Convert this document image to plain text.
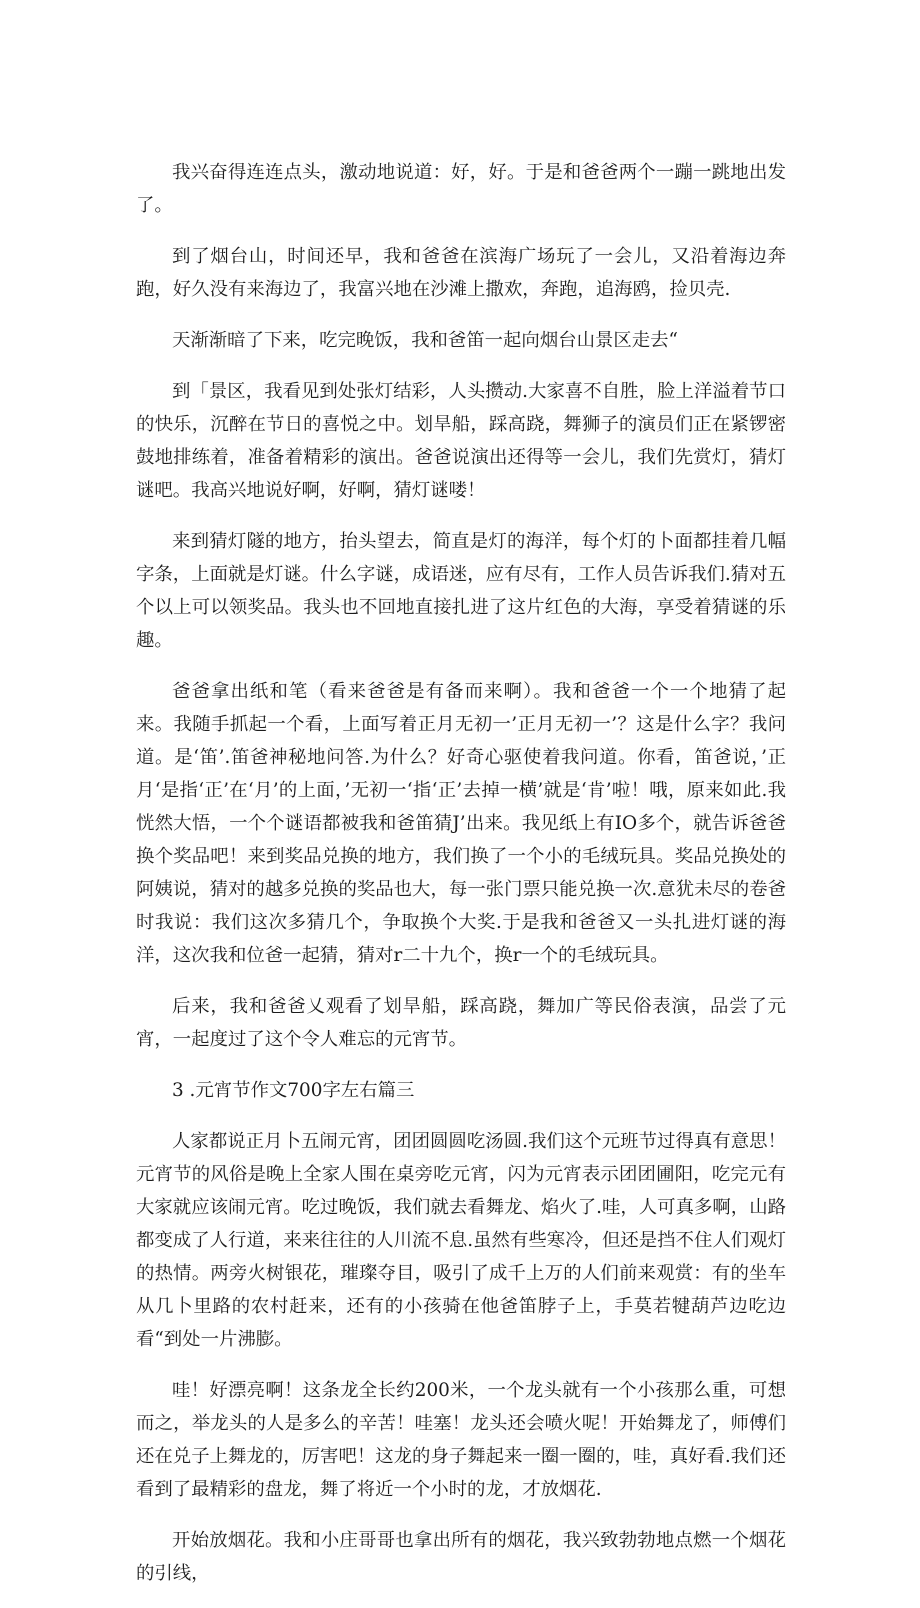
我兴奋得连连点头，激动地说道：好，好。于是和爸爸两个一蹦一跳地出发了。

到了烟台山，时间还早，我和爸爸在滨海广场玩了一会儿，又沿着海边奔跑，好久没有来海边了，我富兴地在沙滩上撒欢，奔跑，追海鸥，捡贝壳.

天渐渐暗了下来，吃完晚饭，我和爸笛一起向烟台山景区走去“

到「景区，我看见到处张灯结彩，人头攒动.大家喜不自胜，脸上洋溢着节口的快乐，沉醉在节日的喜悦之中。划旱船，踩高跷，舞狮子的演员们正在紧锣密鼓地排练着，准备着精彩的演出。爸爸说演出还得等一会儿，我们先赏灯，猜灯谜吧。我高兴地说好啊，好啊，猜灯谜喽！

来到猜灯隧的地方，抬头望去，简直是灯的海洋，每个灯的卜面都挂着几幅字条，上面就是灯谜。什么字谜，成语迷，应有尽有，工作人员告诉我们.猜对五个以上可以领奖品。我头也不回地直接扎进了这片红色的大海，享受着猜谜的乐趣。

爸爸拿出纸和笔（看来爸爸是有备而来啊）。我和爸爸一个一个地猜了起来。我随手抓起一个看，上面写着正月无初一’正月无初一’？这是什么字？我问道。是‘笛’.笛爸神秘地问答.为什么？好奇心驱使着我问道。你看，笛爸说，’正月‘是指‘正’在‘月’的上面，’无初一‘指‘正’去掉一横’就是‘肯’啦！哦，原来如此.我恍然大悟，一个个谜语都被我和爸笛猜J’出来。我见纸上有IO多个，就告诉爸爸换个奖品吧！来到奖品兑换的地方，我们换了一个小的毛绒玩具。奖品兑换处的阿姨说，猜对的越多兑换的奖品也大，每一张门票只能兑换一次.意犹未尽的卷爸时我说：我们这次多猜几个，争取换个大奖.于是我和爸爸又一头扎进灯谜的海洋，这次我和位爸一起猜，猜对r二十九个，换r一个的毛绒玩具。

后来，我和爸爸乂观看了划旱船，踩高跷，舞加广等民俗表演，品尝了元宵，一起度过了这个令人难忘的元宵节。

3 .元宵节作文700字左右篇三

人家都说正月卜五闹元宵，团团圆圆吃汤圆.我们这个元班节过得真有意思！元宵节的风俗是晚上全家人围在桌旁吃元宵，闪为元宵表示团团圃阳，吃完元有大家就应该闹元宵。吃过晚饭，我们就去看舞龙、焰火了.哇，人可真多啊，山路都变成了人行道，来来往往的人川流不息.虽然有些寒冷，但还是挡不住人们观灯的热情。两旁火树银花，璀璨夺目，吸引了成千上万的人们前来观赏：有的坐车从几卜里路的农村赶来，还有的小孩骑在他爸笛脖子上，手莫若犍葫芦边吃边看“到处一片沸膨。

哇！好漂亮啊！这条龙全长约200米，一个龙头就有一个小孩那么重，可想而之，举龙头的人是多么的辛苦！哇塞！龙头还会喷火呢！开始舞龙了，师傅们还在兑子上舞龙的，厉害吧！这龙的身子舞起来一圈一圈的，哇，真好看.我们还看到了最精彩的盘龙，舞了将近一个小时的龙，才放烟花.

开始放烟花。我和小庄哥哥也拿出所有的烟花，我兴致勃勃地点燃一个烟花的引线，
